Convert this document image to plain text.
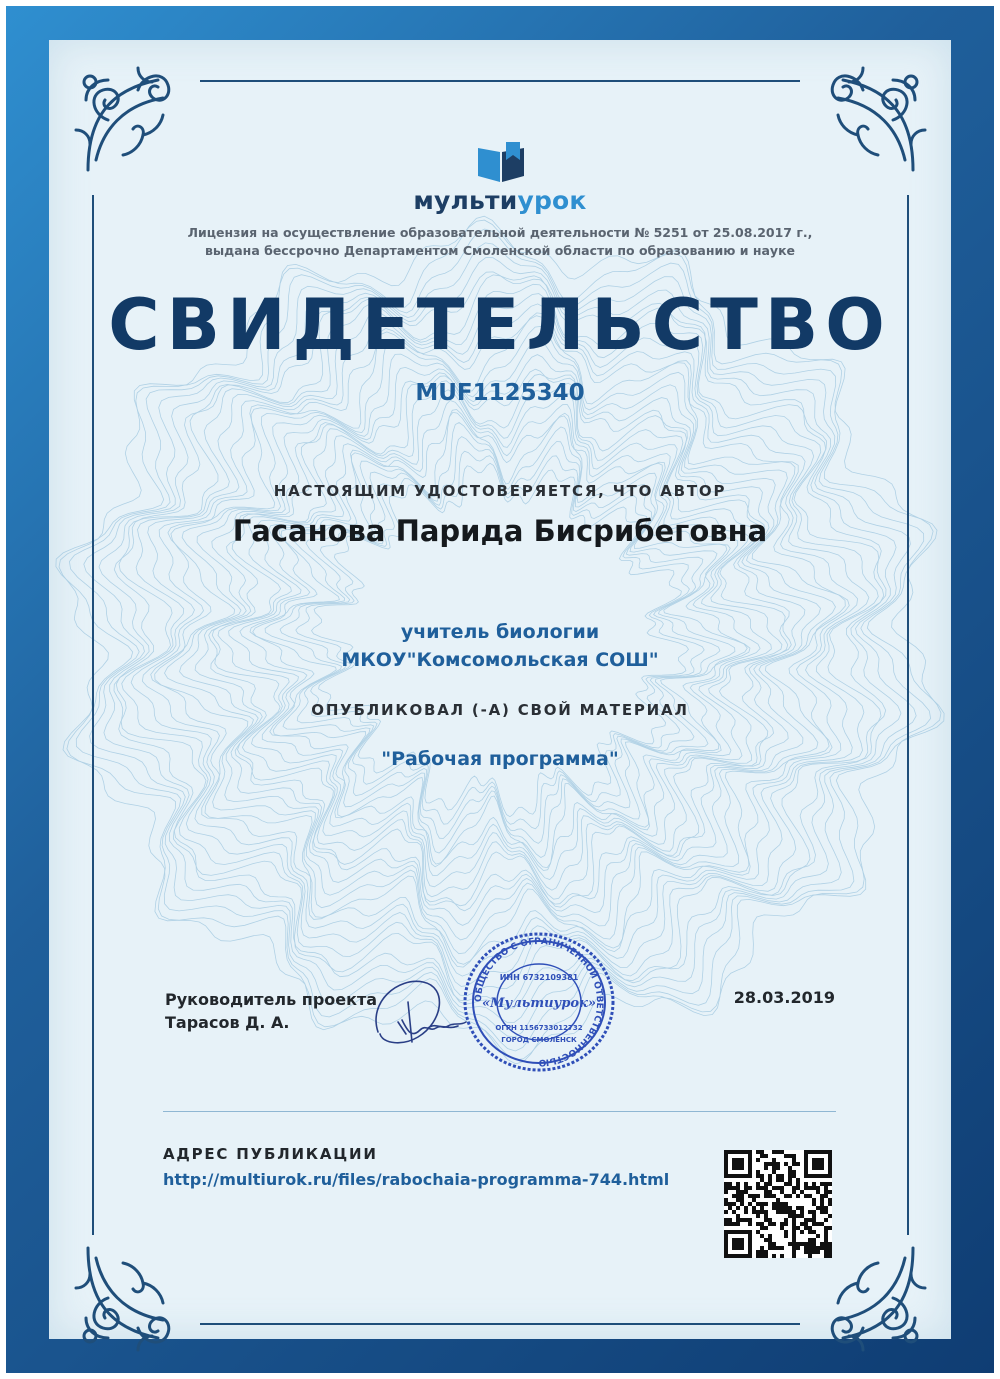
мультиурок
Лицензия на осуществление образовательной деятельности № 5251 от 25.08.2017 г.,
выдана бессрочно Департаментом Смоленской области по образованию и науке
СВИДЕТЕЛЬСТВО
MUF1125340
НАСТОЯЩИМ УДОСТОВЕРЯЕТСЯ, ЧТО АВТОР
Гасанова Парида Бисрибеговна
учитель биологии
МКОУ"Комсомольская СОШ"
ОПУБЛИКОВАЛ (-А) СВОЙ МАТЕРИАЛ
"Рабочая программа"
Руководитель проекта
Тарасов Д. А.
ОБЩЕСТВО С ОГРАНИЧЕННОЙ ОТВЕТСТВЕННОСТЬЮ
ИНН 6732109381
«Мультиурок»
ОГРН 1156733012732
ГОРОД СМОЛЕНСК
28.03.2019
АДРЕС ПУБЛИКАЦИИ
http://multiurok.ru/files/rabochaia-programma-744.html
